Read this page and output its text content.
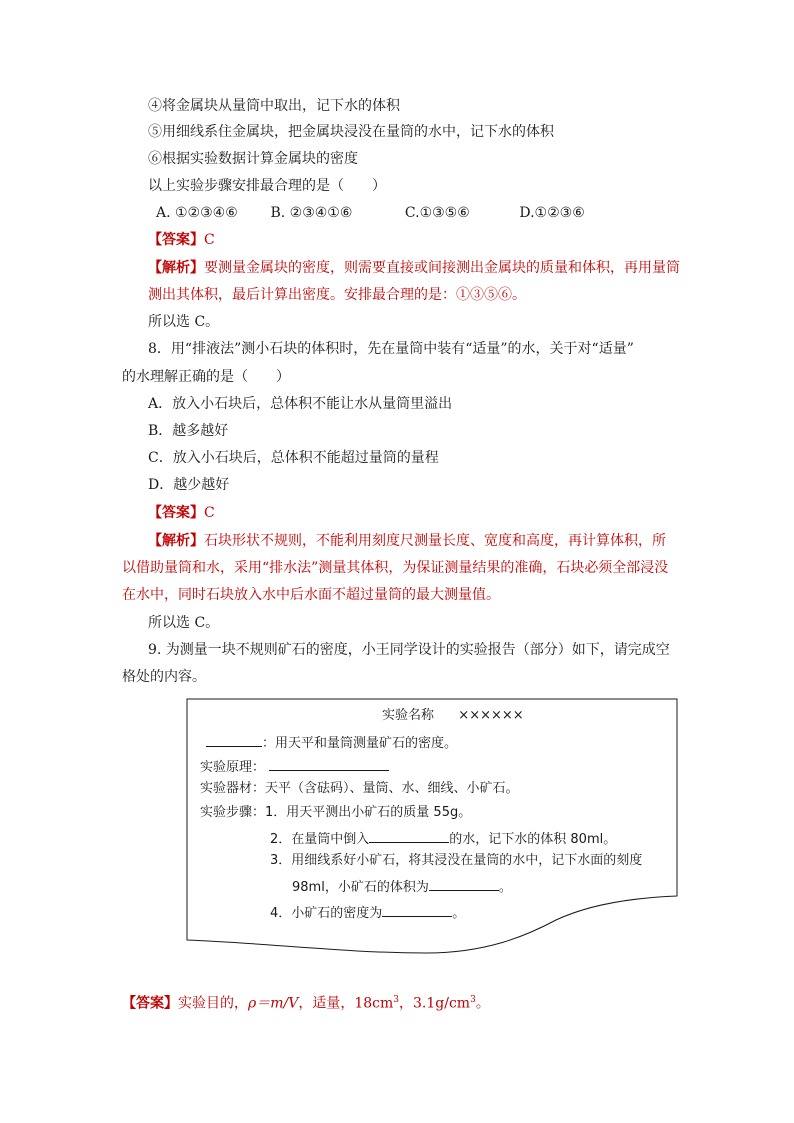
④将金属块从量筒中取出，记下水的体积
⑤用细线系住金属块，把金属块浸没在量筒的水中，记下水的体积
⑥根据实验数据计算金属块的密度
以上实验步骤安排最合理的是（　　）
A. ①②③④⑥ B. ②③④①⑥	C.①③⑤⑥	D.①②③⑥
【答案】C
【解析】要测量金属块的密度，则需要直接或间接测出金属块的质量和体积，再用量筒
测出其体积，最后计算出密度。安排最合理的是：①③⑤⑥。
所以选 C。
8．用“排液法”测小石块的体积时，先在量筒中装有“适量”的水，关于对“适量”
的水理解正确的是（　　）
A．放入小石块后，总体积不能让水从量筒里溢出
B．越多越好
C．放入小石块后，总体积不能超过量筒的量程
D．越少越好
【答案】C
【解析】石块形状不规则，不能利用刻度尺测量长度、宽度和高度，再计算体积，所
以借助量筒和水，采用“排水法”测量其体积，为保证测量结果的准确，石块必须全部浸没
在水中，同时石块放入水中后水面不超过量筒的最大测量值。
所以选 C。
9. 为测量一块不规则矿石的密度，小王同学设计的实验报告（部分）如下，请完成空
格处的内容。
实验名称 ××××××
：用天平和量筒测量矿石的密度。
实验原理：
实验器材：天平（含砝码）、量筒、水、细线、小矿石。
实验步骤：1．用天平测出小矿石的质量 55g。
2．在量筒中倒入	的水，记下水的体积 80ml。
3．用细线系好小矿石，将其浸没在量筒的水中，记下水面的刻度
98ml，小矿石的体积为	。
4．小矿石的密度为	。
【答案】实验目的，ρ＝m/V，适量，$18cm^3$，$3.1g/cm^3$。
